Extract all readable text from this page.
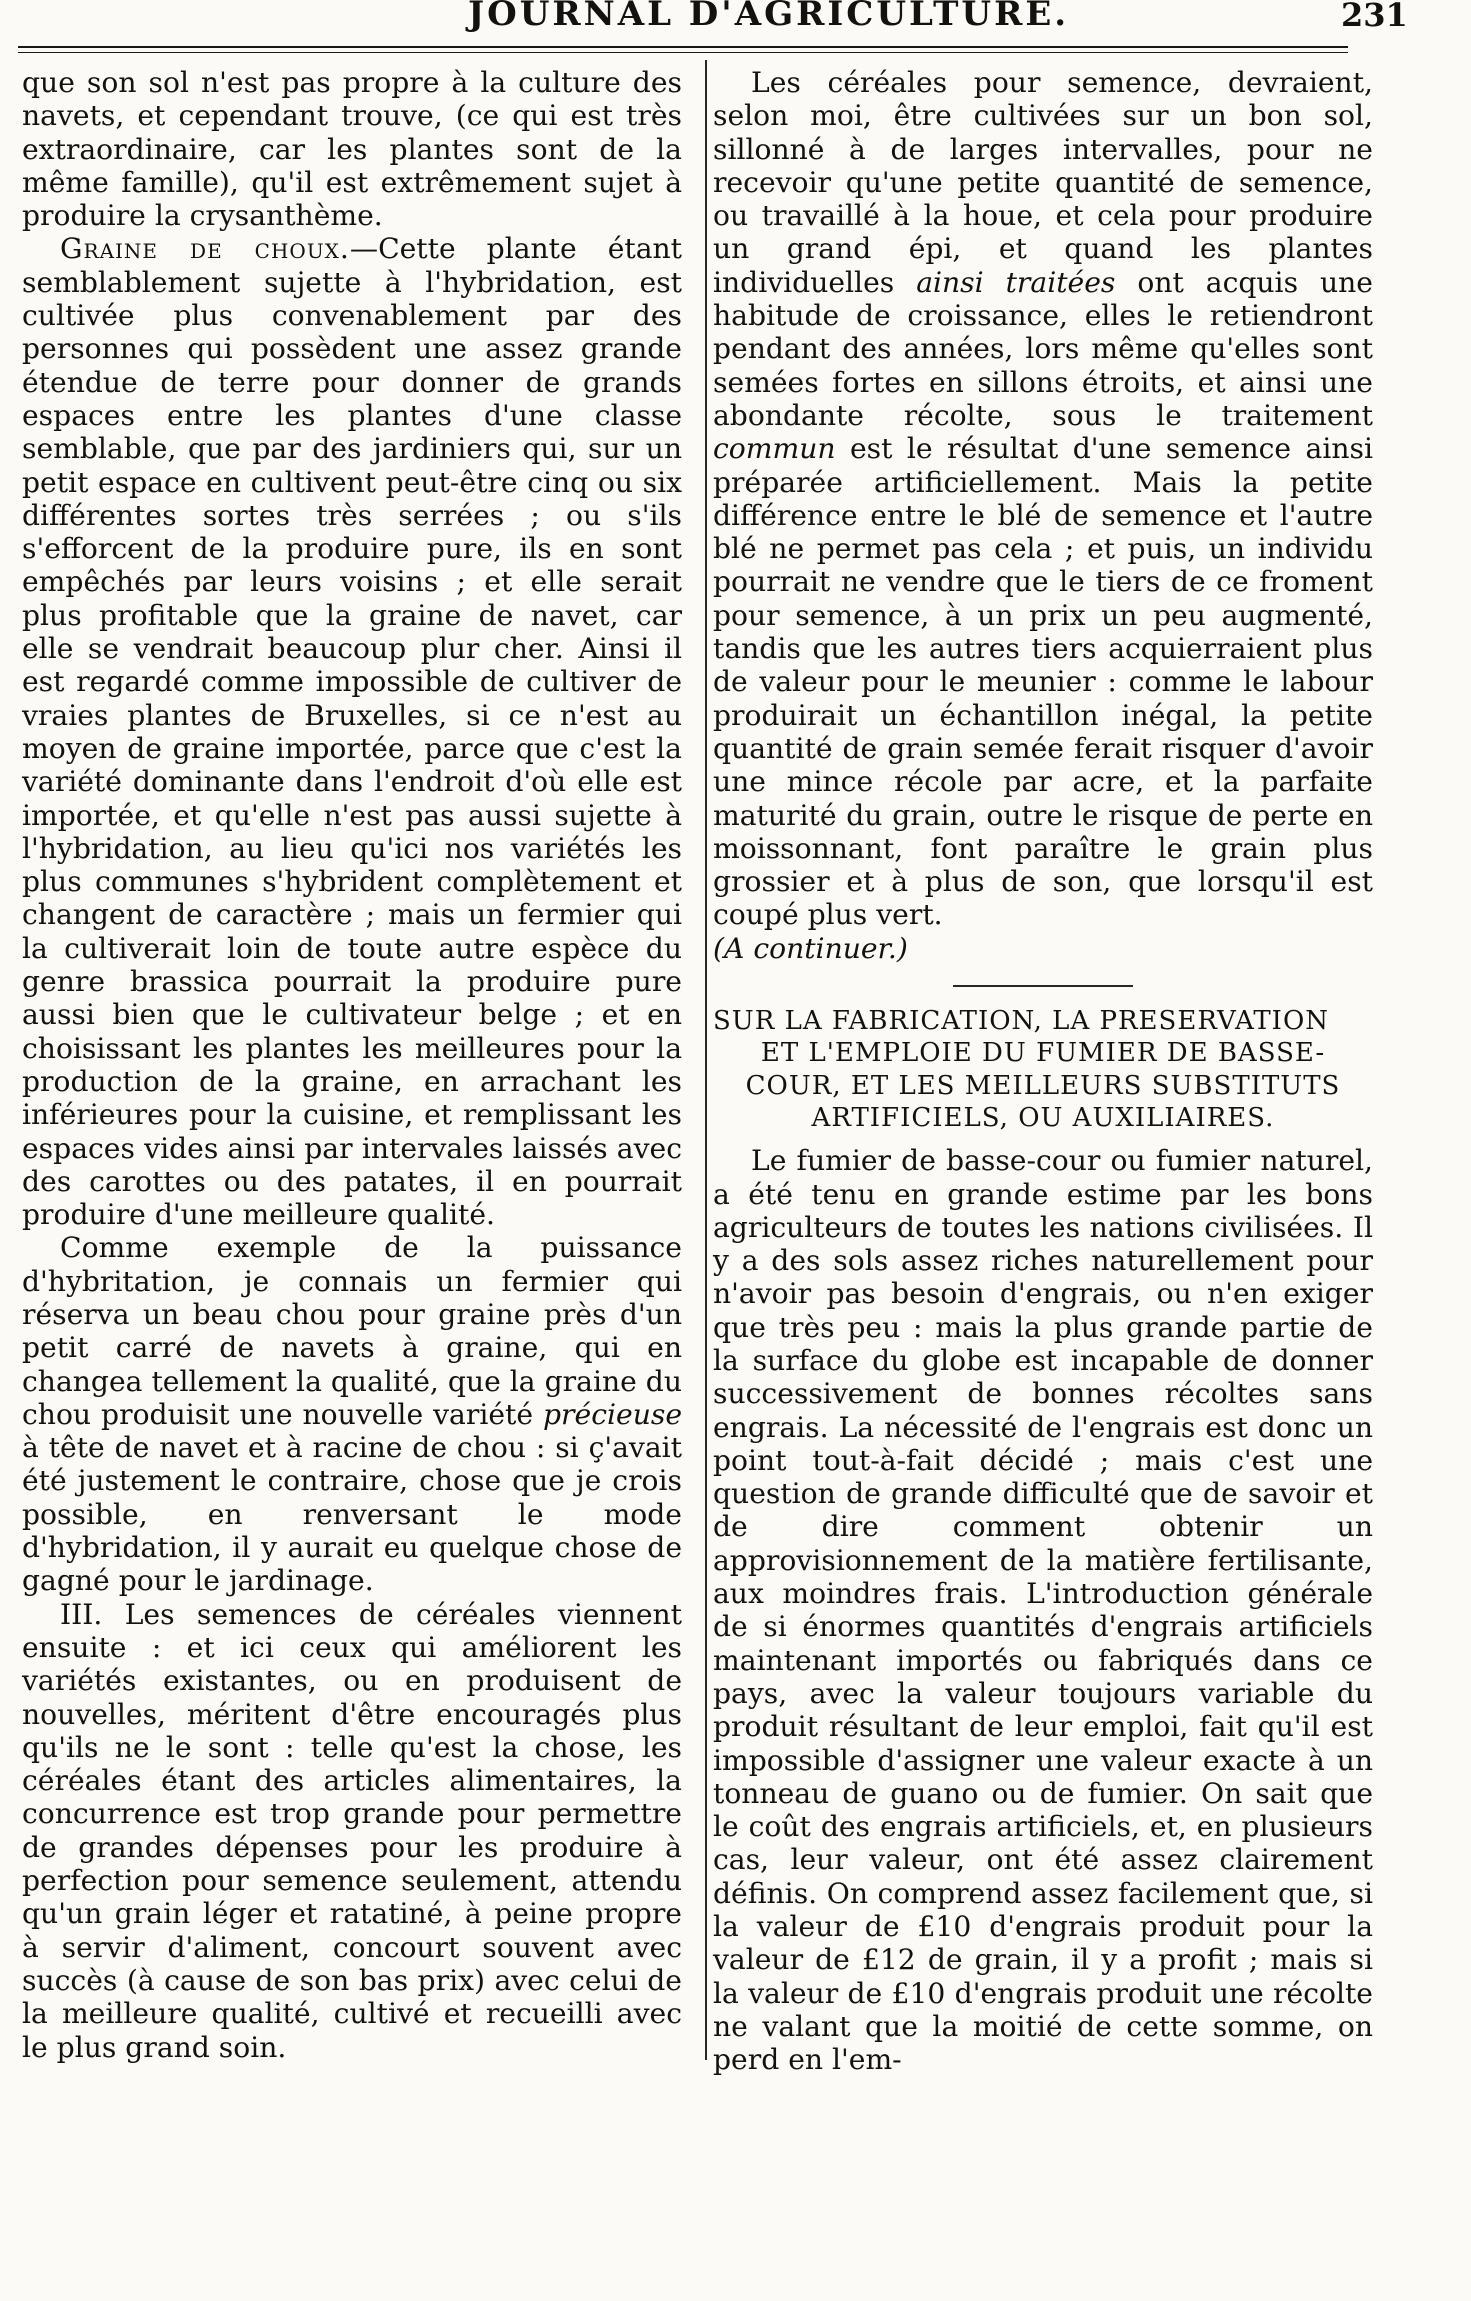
JOURNAL D'AGRICULTURE.	231

que son sol n'est pas propre à la culture des navets, et cependant trouve, (ce qui est très extraordinaire, car les plantes sont de la même famille), qu'il est extrêmement sujet à produire la crysanthème.

Graine de choux.—Cette plante étant semblablement sujette à l'hybridation, est cultivée plus convenablement par des personnes qui possèdent une assez grande étendue de terre pour donner de grands espaces entre les plantes d'une classe semblable, que par des jardiniers qui, sur un petit espace en cultivent peut-être cinq ou six différentes sortes très serrées ; ou s'ils s'efforcent de la produire pure, ils en sont empêchés par leurs voisins ; et elle serait plus profitable que la graine de navet, car elle se vendrait beaucoup plur cher. Ainsi il est regardé comme impossible de cultiver de vraies plantes de Bruxelles, si ce n'est au moyen de graine importée, parce que c'est la variété dominante dans l'endroit d'où elle est importée, et qu'elle n'est pas aussi sujette à l'hybridation, au lieu qu'ici nos variétés les plus communes s'hybrident complètement et changent de caractère ; mais un fermier qui la cultiverait loin de toute autre espèce du genre brassica pourrait la produire pure aussi bien que le cultivateur belge ; et en choisissant les plantes les meilleures pour la production de la graine, en arrachant les inférieures pour la cuisine, et remplissant les espaces vides ainsi par intervales laissés avec des carottes ou des patates, il en pourrait produire d'une meilleure qualité.

Comme exemple de la puissance d'hybritation, je connais un fermier qui réserva un beau chou pour graine près d'un petit carré de navets à graine, qui en changea tellement la qualité, que la graine du chou produisit une nouvelle variété précieuse à tête de navet et à racine de chou : si ç'avait été justement le contraire, chose que je crois possible, en renversant le mode d'hybridation, il y aurait eu quelque chose de gagné pour le jardinage.

III. Les semences de céréales viennent ensuite : et ici ceux qui améliorent les variétés existantes, ou en produisent de nouvelles, méritent d'être encouragés plus qu'ils ne le sont : telle qu'est la chose, les céréales étant des articles alimentaires, la concurrence est trop grande pour permettre de grandes dépenses pour les produire à perfection pour semence seulement, attendu qu'un grain léger et ratatiné, à peine propre à servir d'aliment, concourt souvent avec succès (à cause de son bas prix) avec celui de la meilleure qualité, cultivé et recueilli avec le plus grand soin.

Les céréales pour semence, devraient, selon moi, être cultivées sur un bon sol, sillonné à de larges intervalles, pour ne recevoir qu'une petite quantité de semence, ou travaillé à la houe, et cela pour produire un grand épi, et quand les plantes individuelles ainsi traitées ont acquis une habitude de croissance, elles le retiendront pendant des années, lors même qu'elles sont semées fortes en sillons étroits, et ainsi une abondante récolte, sous le traitement commun est le résultat d'une semence ainsi préparée artificiellement. Mais la petite différence entre le blé de semence et l'autre blé ne permet pas cela ; et puis, un individu pourrait ne vendre que le tiers de ce froment pour semence, à un prix un peu augmenté, tandis que les autres tiers acquierraient plus de valeur pour le meunier : comme le labour produirait un échantillon inégal, la petite quantité de grain semée ferait risquer d'avoir une mince récole par acre, et la parfaite maturité du grain, outre le risque de perte en moissonnant, font paraître le grain plus grossier et à plus de son, que lorsqu'il est coupé plus vert.

(A continuer.)

SUR LA FABRICATION, LA PRESERVATION
ET L'EMPLOIE DU FUMIER DE BASSE-COUR, ET LES MEILLEURS SUBSTITUTS ARTIFICIELS, OU AUXILIAIRES.

Le fumier de basse-cour ou fumier naturel, a été tenu en grande estime par les bons agriculteurs de toutes les nations civilisées. Il y a des sols assez riches naturellement pour n'avoir pas besoin d'engrais, ou n'en exiger que très peu : mais la plus grande partie de la surface du globe est incapable de donner successivement de bonnes récoltes sans engrais. La nécessité de l'engrais est donc un point tout-à-fait décidé ; mais c'est une question de grande difficulté que de savoir et de dire comment obtenir un approvisionnement de la matière fertilisante, aux moindres frais. L'introduction générale de si énormes quantités d'engrais artificiels maintenant importés ou fabriqués dans ce pays, avec la valeur toujours variable du produit résultant de leur emploi, fait qu'il est impossible d'assigner une valeur exacte à un tonneau de guano ou de fumier. On sait que le coût des engrais artificiels, et, en plusieurs cas, leur valeur, ont été assez clairement définis. On comprend assez facilement que, si la valeur de £10 d'engrais produit pour la valeur de £12 de grain, il y a profit ; mais si la valeur de £10 d'engrais produit une récolte ne valant que la moitié de cette somme, on perd en l'em-
